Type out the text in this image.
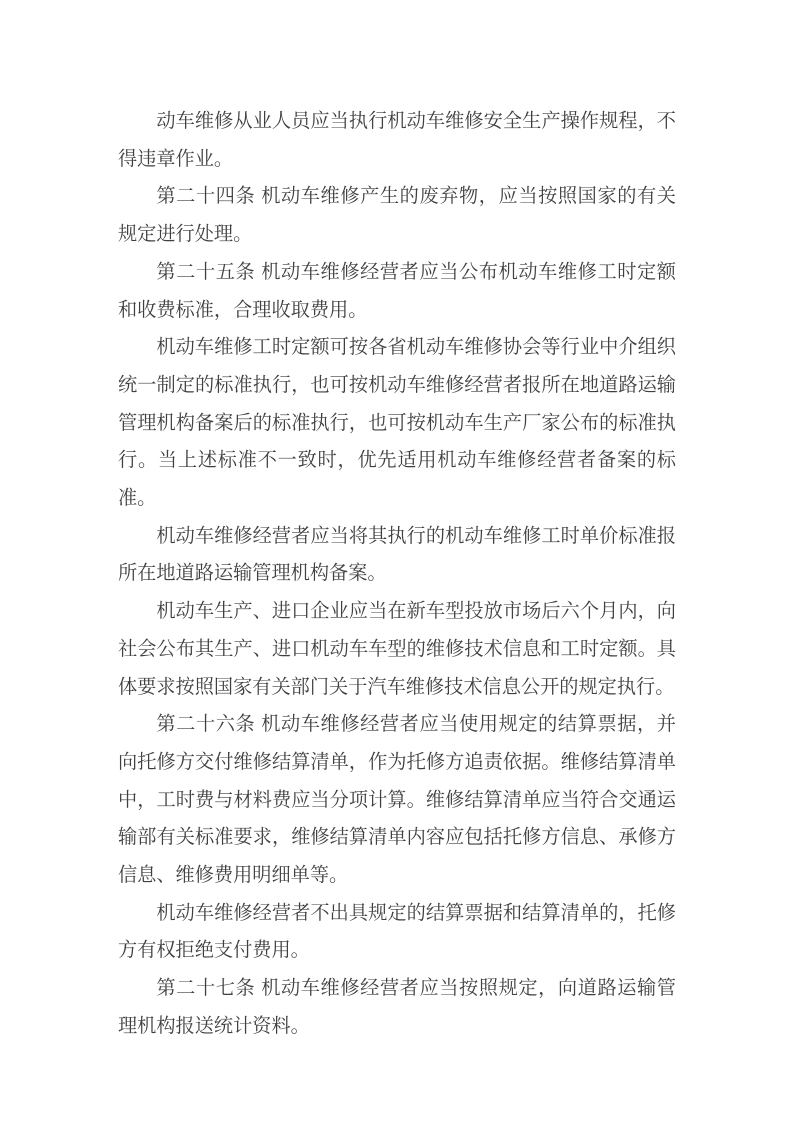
动车维修从业人员应当执行机动车维修安全生产操作规程，不得违章作业。

第二十四条 机动车维修产生的废弃物，应当按照国家的有关规定进行处理。

第二十五条 机动车维修经营者应当公布机动车维修工时定额和收费标准，合理收取费用。

机动车维修工时定额可按各省机动车维修协会等行业中介组织统一制定的标准执行，也可按机动车维修经营者报所在地道路运输管理机构备案后的标准执行，也可按机动车生产厂家公布的标准执行。当上述标准不一致时，优先适用机动车维修经营者备案的标准。

机动车维修经营者应当将其执行的机动车维修工时单价标准报所在地道路运输管理机构备案。

机动车生产、进口企业应当在新车型投放市场后六个月内，向社会公布其生产、进口机动车车型的维修技术信息和工时定额。具体要求按照国家有关部门关于汽车维修技术信息公开的规定执行。

第二十六条 机动车维修经营者应当使用规定的结算票据，并向托修方交付维修结算清单，作为托修方追责依据。维修结算清单中，工时费与材料费应当分项计算。维修结算清单应当符合交通运输部有关标准要求，维修结算清单内容应包括托修方信息、承修方信息、维修费用明细单等。

机动车维修经营者不出具规定的结算票据和结算清单的，托修方有权拒绝支付费用。

第二十七条 机动车维修经营者应当按照规定，向道路运输管理机构报送统计资料。
